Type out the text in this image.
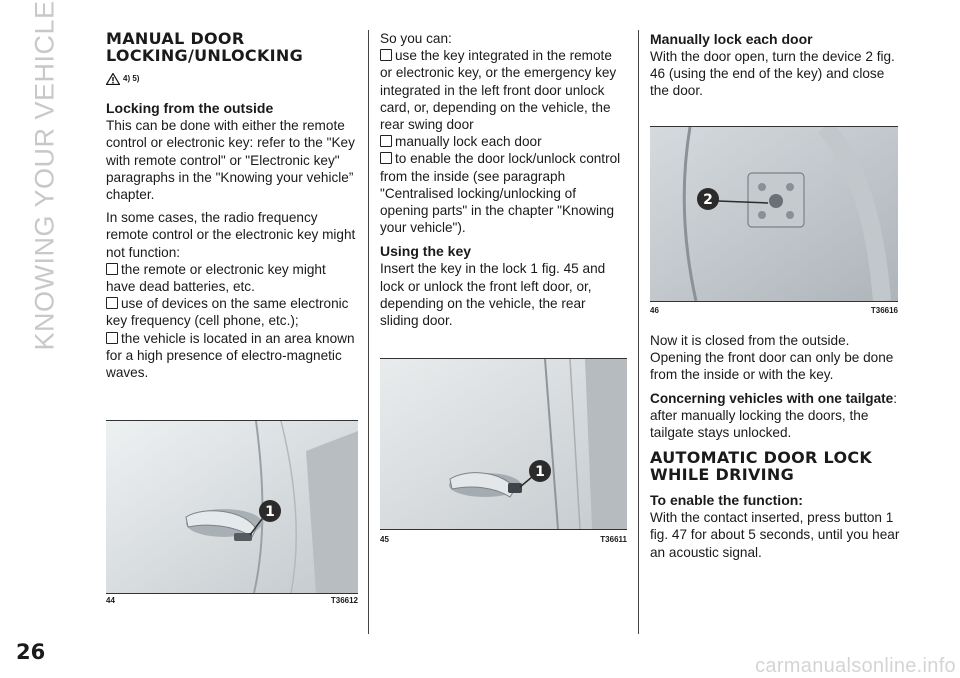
KNOWING YOUR VEHICLE	MANUAL DOOR
LOCKING/UNLOCKING
4) 5)
Locking from the outside

This can be done with either the remote control or electronic key: refer to the "Key with remote control" or "Electronic key" paragraphs in the "Knowing your vehicle” chapter.

In some cases, the radio frequency remote control or the electronic key might not function:

the remote or electronic key might have dead batteries, etc.
use of devices on the same electronic key frequency (cell phone, etc.);
the vehicle is located in an area known for a high presence of electro-magnetic waves.
1
44	T36612

So you can:

use the key integrated in the remote or electronic key, or the emergency key integrated in the left front door unlock card, or, depending on the vehicle, the rear swing door
manually lock each door
to enable the door lock/unlock control from the inside (see paragraph "Centralised locking/unlocking of opening parts" in the chapter "Knowing your vehicle").
Using the key

Insert the key in the lock 1 fig. 45 and lock or unlock the front left door, or, depending on the vehicle, the rear sliding door.

1
45	T36611
Manually lock each door

With the door open, turn the device 2 fig. 46 (using the end of the key) and close the door.

2
46	T36616

Now it is closed from the outside. Opening the front door can only be done from the inside or with the key.

Concerning vehicles with one tailgate: after manually locking the doors, the tailgate stays unlocked.

AUTOMATIC DOOR LOCK
WHILE DRIVING
To enable the function:

With the contact inserted, press button 1 fig. 47 for about 5 seconds, until you hear an acoustic signal.

26
carmanualsonline.info
